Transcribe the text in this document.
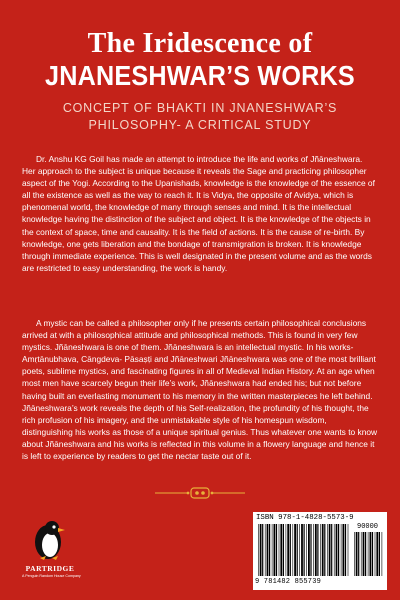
The Iridescence of
JNANESHWAR’S WORKS
CONCEPT OF BHAKTI IN JNANESHWAR’S
PHILOSOPHY- A CRITICAL STUDY
Dr. Anshu KG Goil has made an attempt to introduce the life and works of Jñāneshwara. Her approach to the subject is unique because it reveals the Sage and practicing philosopher aspect of the Yogi. According to the Upanishads, knowledge is the knowledge of the essence of all the existence as well as the way to reach it. It is Vidya, the opposite of Avidya, which is phenomenal world, the knowledge of many through senses and mind. It is the intellectual knowledge having the distinction of the subject and object. It is the knowledge of the objects in the context of space, time and causality. It is the field of actions. It is the cause of re-birth. By knowledge, one gets liberation and the bondage of transmigration is broken. It is knowledge through immediate experience. This is well designated in the present volume and as the words are restricted to easy understanding, the work is handy.
A mystic can be called a philosopher only if he presents certain philosophical conclusions arrived at with a philosophical attitude and philosophical methods. This is found in very few mystics. Jñāneshwara is one of them. Jñāneshwara is an intellectual mystic. In his works- Amṛtānubhava, Cāngdeva- Pāsaṣṭi and Jñāneshwari Jñāneshwara was one of the most brilliant poets, sublime mystics, and fascinating figures in all of Medieval Indian History. At an age when most men have scarcely begun their life’s work, Jñāneshwara had ended his; but not before having built an everlasting monument to his memory in the written masterpieces he left behind. Jñāneshwara’s work reveals the depth of his Self-realization, the profundity of his thought, the rich profusion of his imagery, and the unmistakable style of his homespun wisdom, distinguishing his works as those of a unique spiritual genius. Thus whatever one wants to know about Jñāneshwara and his works is reflected in this volume in a flowery language and hence it is left to experience by readers to get the nectar taste out of it.
PARTRIDGE
A Penguin Random House Company
ISBN 978-1-4828-5573-9
90000
9 781482 855739
